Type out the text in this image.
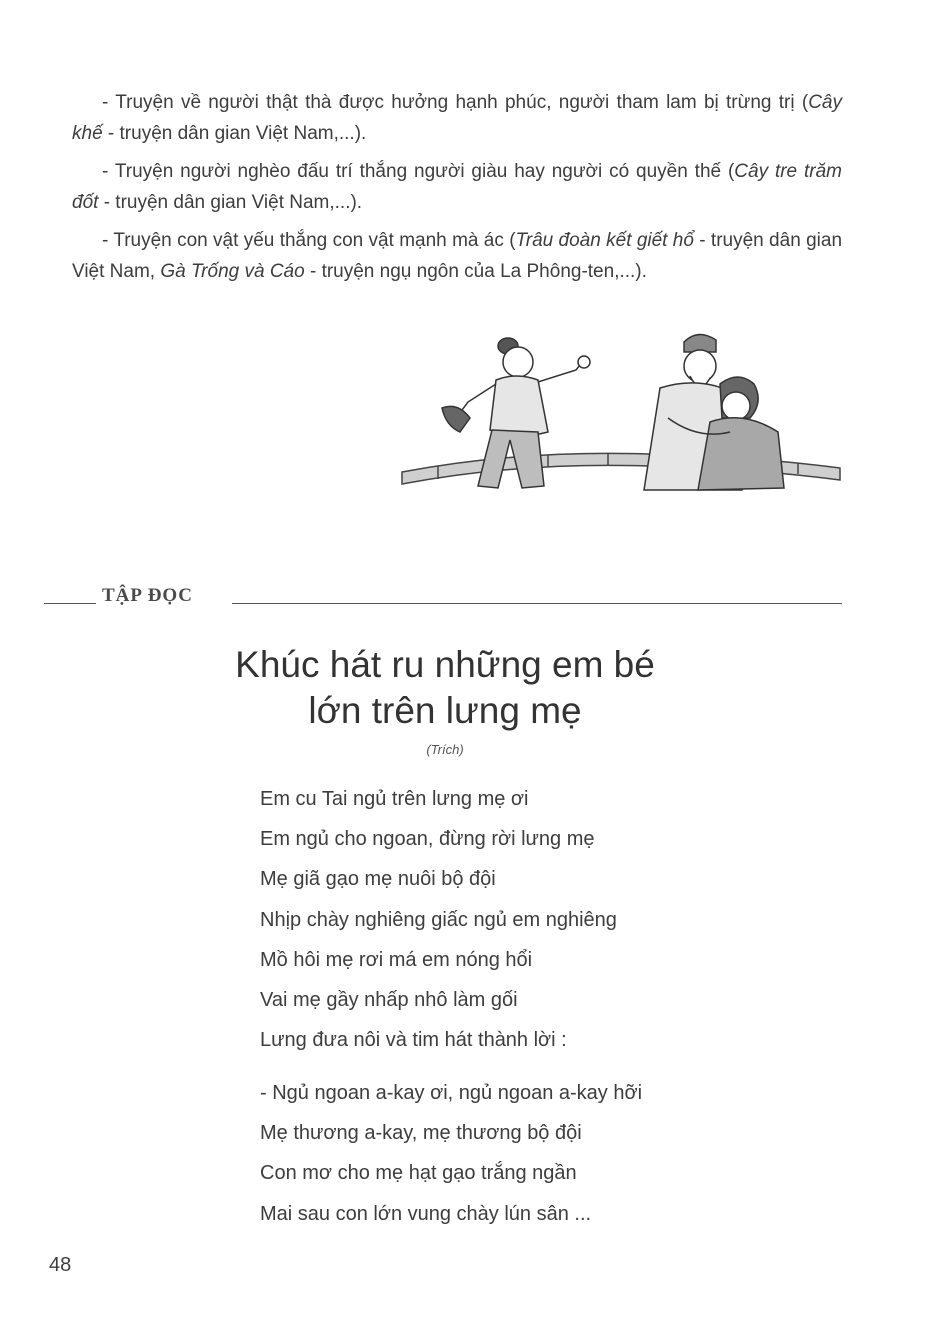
- Truyện về người thật thà được hưởng hạnh phúc, người tham lam bị trừng trị (Cây khế - truyện dân gian Việt Nam,...).

- Truyện người nghèo đấu trí thắng người giàu hay người có quyền thế (Cây tre trăm đốt - truyện dân gian Việt Nam,...).

- Truyện con vật yếu thắng con vật mạnh mà ác (Trâu đoàn kết giết hổ - truyện dân gian Việt Nam, Gà Trống và Cáo - truyện ngụ ngôn của La Phông-ten,...).

TẬP ĐỌC
Khúc hát ru những em bé
lớn trên lưng mẹ
(Trích)
Em cu Tai ngủ trên lưng mẹ ơi
Em ngủ cho ngoan, đừng rời lưng mẹ
Mẹ giã gạo mẹ nuôi bộ đội
Nhịp chày nghiêng giấc ngủ em nghiêng
Mồ hôi mẹ rơi má em nóng hổi
Vai mẹ gầy nhấp nhô làm gối
Lưng đưa nôi và tim hát thành lời :
- Ngủ ngoan a-kay ơi, ngủ ngoan a-kay hỡi
Mẹ thương a-kay, mẹ thương bộ đội
Con mơ cho mẹ hạt gạo trắng ngần
Mai sau con lớn vung chày lún sân ...
48
